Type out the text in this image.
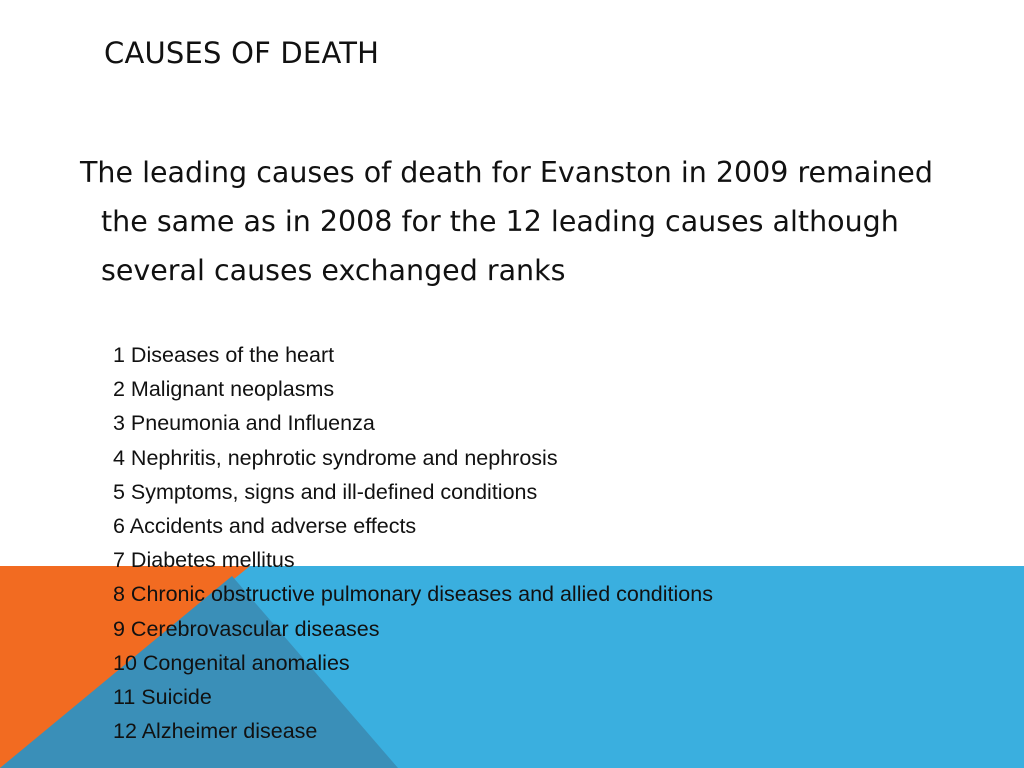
CAUSES OF DEATH

The leading causes of death for Evanston in 2009 remained the same as in 2008 for the 12 leading causes although several causes exchanged ranks

1 Diseases of the heart
2 Malignant neoplasms
3 Pneumonia and Influenza
4 Nephritis, nephrotic syndrome and nephrosis
5 Symptoms, signs and ill-defined conditions
6 Accidents and adverse effects
7 Diabetes mellitus
8 Chronic obstructive pulmonary diseases and allied conditions
9 Cerebrovascular diseases
10 Congenital anomalies
11 Suicide
12 Alzheimer disease
